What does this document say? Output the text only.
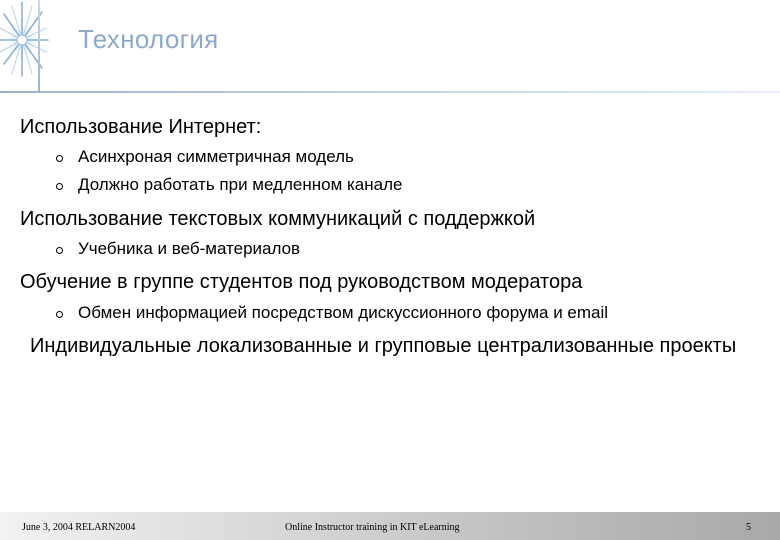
Технология
Использование Интернет:
Асинхроная симметричная модель
Должно работать при медленном канале
Использование текстовых коммуникаций с поддержкой
Учебника и веб-материалов
Обучение в группе студентов под руководством модератора
Обмен информацией посредством дискуссионного форума и email
Индивидуальные локализованные и групповые централизованные проекты
June 3, 2004 RELARN2004	Online Instructor training in KIT eLearning	5
